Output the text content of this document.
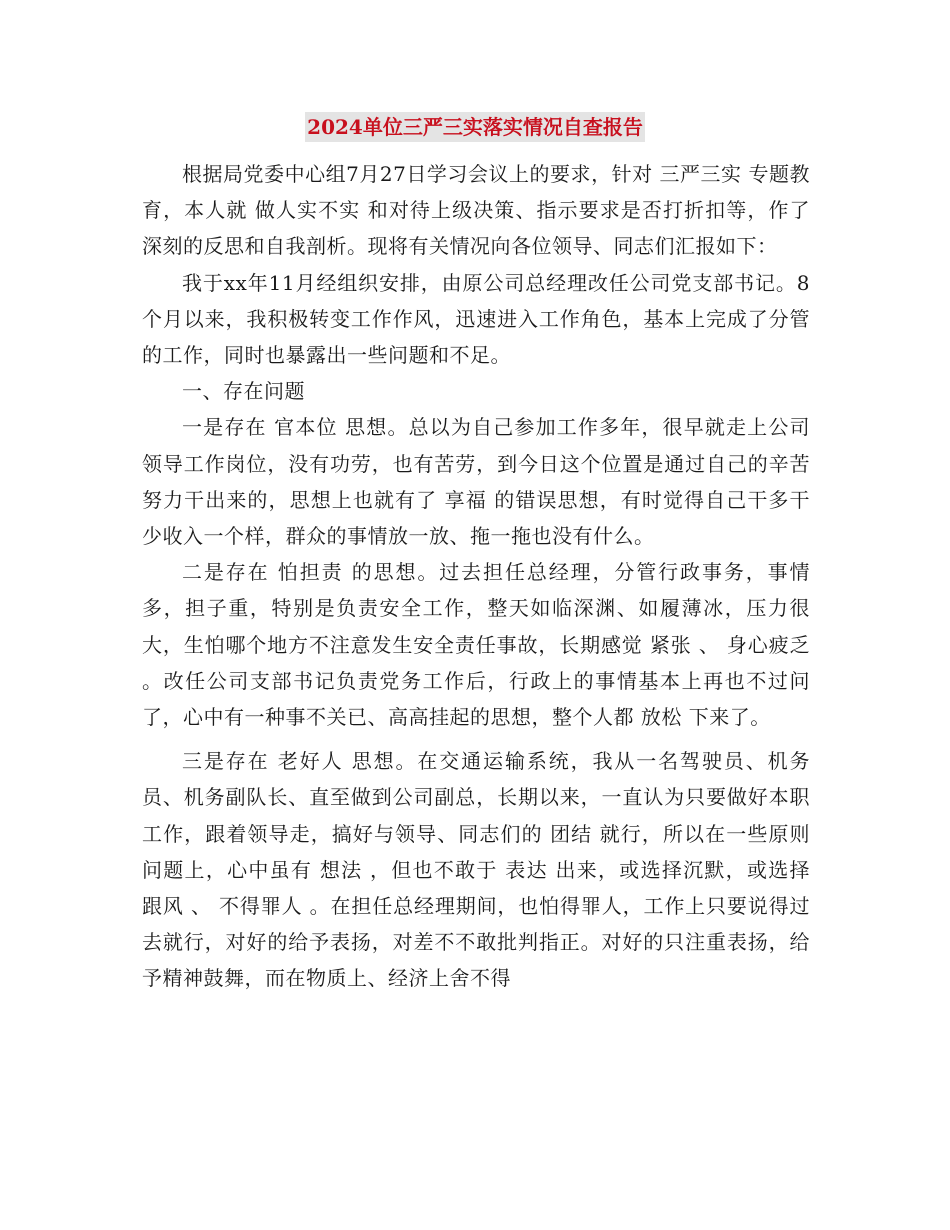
2024单位三严三实落实情况自查报告

根据局党委中心组7月27日学习会议上的要求，针对 三严三实 专题教育，本人就 做人实不实 和对待上级决策、指示要求是否打折扣等，作了深刻的反思和自我剖析。现将有关情况向各位领导、同志们汇报如下：

我于xx年11月经组织安排，由原公司总经理改任公司党支部书记。8个月以来，我积极转变工作作风，迅速进入工作角色，基本上完成了分管的工作，同时也暴露出一些问题和不足。

一、存在问题

一是存在 官本位 思想。总以为自己参加工作多年，很早就走上公司领导工作岗位，没有功劳，也有苦劳，到今日这个位置是通过自己的辛苦努力干出来的，思想上也就有了 享福 的错误思想，有时觉得自己干多干少收入一个样，群众的事情放一放、拖一拖也没有什么。

二是存在 怕担责 的思想。过去担任总经理，分管行政事务，事情多，担子重，特别是负责安全工作，整天如临深渊、如履薄冰，压力很大，生怕哪个地方不注意发生安全责任事故，长期感觉 紧张 、 身心疲乏 。改任公司支部书记负责党务工作后，行政上的事情基本上再也不过问了，心中有一种事不关已、高高挂起的思想，整个人都 放松 下来了。

三是存在 老好人 思想。在交通运输系统，我从一名驾驶员、机务员、机务副队长、直至做到公司副总，长期以来，一直认为只要做好本职工作，跟着领导走，搞好与领导、同志们的 团结 就行，所以在一些原则问题上，心中虽有 想法 ，但也不敢于 表达 出来，或选择沉默，或选择 跟风 、 不得罪人 。在担任总经理期间，也怕得罪人，工作上只要说得过去就行，对好的给予表扬，对差不不敢批判指正。对好的只注重表扬，给予精神鼓舞，而在物质上、经济上舍不得
